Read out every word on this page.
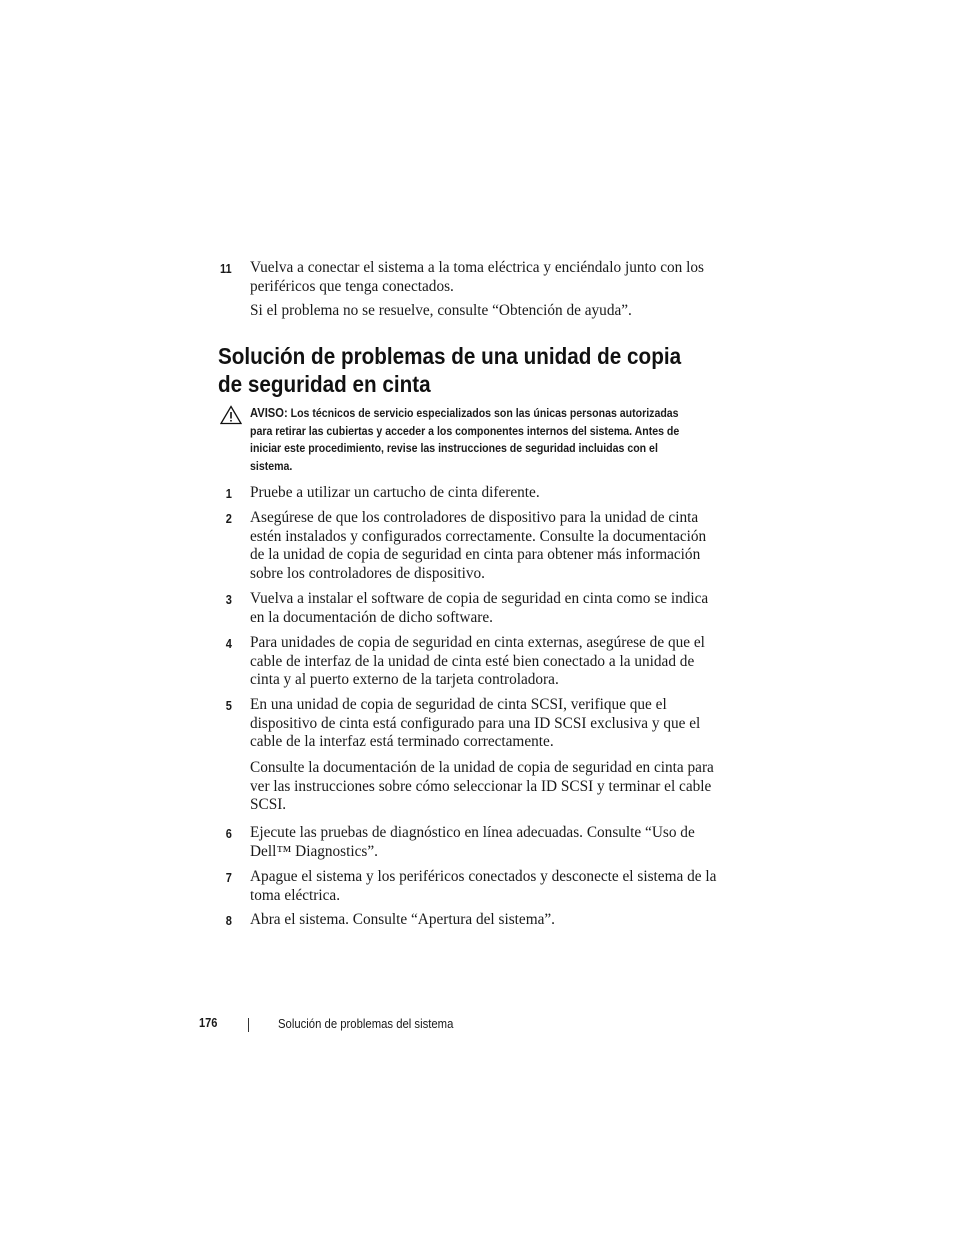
11	Vuelva a conectar el sistema a la toma eléctrica y enciéndalo junto con los periféricos que tenga conectados.
Si el problema no se resuelve, consulte “Obtención de ayuda”.
Solución de problemas de una unidad de copia
de seguridad en cinta
AVISO: Los técnicos de servicio especializados son las únicas personas autorizadas para retirar las cubiertas y acceder a los componentes internos del sistema. Antes de iniciar este procedimiento, revise las instrucciones de seguridad incluidas con el sistema.
1 Pruebe a utilizar un cartucho de cinta diferente.
2 Asegúrese de que los controladores de dispositivo para la unidad de cinta estén instalados y configurados correctamente. Consulte la documentación de la unidad de copia de seguridad en cinta para obtener más información sobre los controladores de dispositivo.
3 Vuelva a instalar el software de copia de seguridad en cinta como se indica en la documentación de dicho software.
4 Para unidades de copia de seguridad en cinta externas, asegúrese de que el cable de interfaz de la unidad de cinta esté bien conectado a la unidad de cinta y al puerto externo de la tarjeta controladora.
5 En una unidad de copia de seguridad de cinta SCSI, verifique que el dispositivo de cinta está configurado para una ID SCSI exclusiva y que el cable de la interfaz está terminado correctamente.
Consulte la documentación de la unidad de copia de seguridad en cinta para ver las instrucciones sobre cómo seleccionar la ID SCSI y terminar el cable SCSI.
6 Ejecute las pruebas de diagnóstico en línea adecuadas. Consulte “Uso de Dell™ Diagnostics”.
7 Apague el sistema y los periféricos conectados y desconecte el sistema de la toma eléctrica.
8 Abra el sistema. Consulte “Apertura del sistema”.
176	Solución de problemas del sistema
